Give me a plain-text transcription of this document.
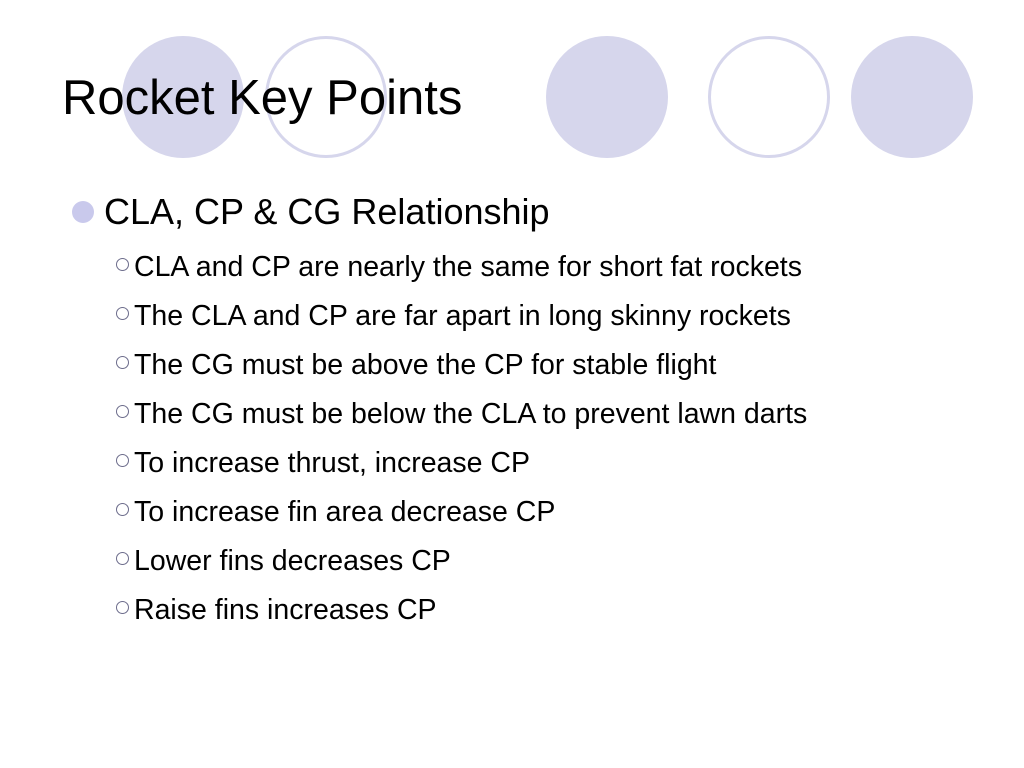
Rocket Key Points
CLA, CP & CG Relationship
CLA and CP are nearly the same for short fat rockets
The CLA and CP are far apart in long skinny rockets
The CG must be above the CP for stable flight
The CG must be below the CLA to prevent lawn darts
To increase thrust, increase CP
To increase fin area decrease CP
Lower fins decreases CP
Raise fins increases CP
